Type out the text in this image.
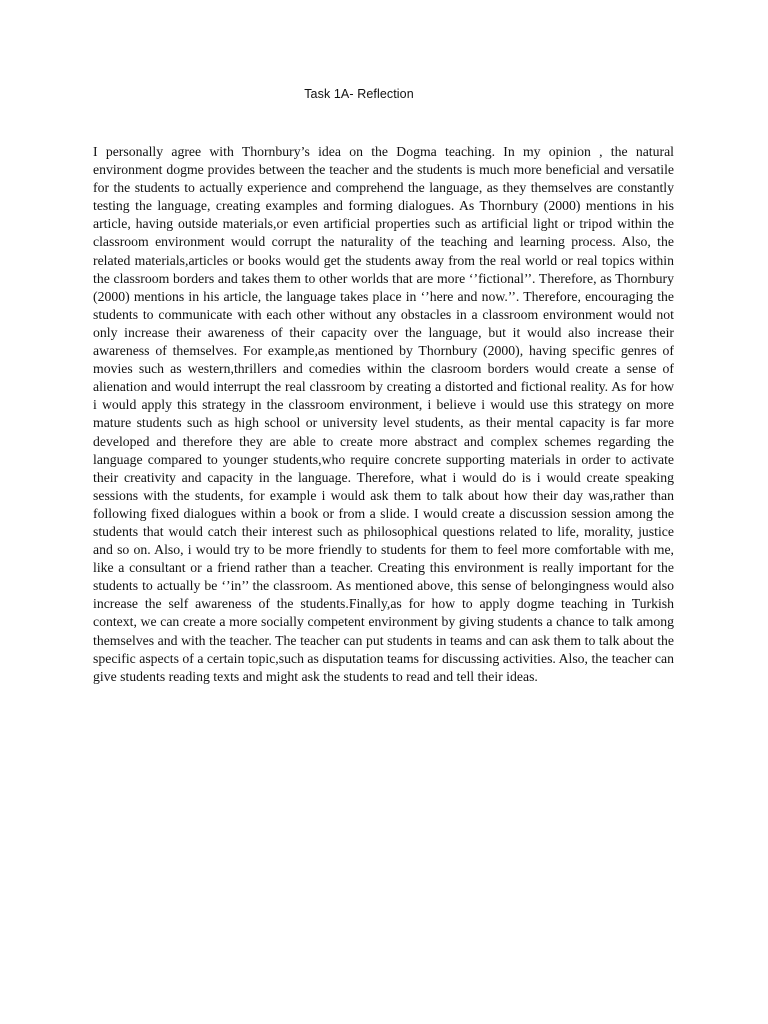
Task 1A- Reflection

I personally agree with Thornbury’s idea on the Dogma teaching. In my opinion , the natural environment dogme provides between the teacher and the students is much more beneficial and versatile for the students to actually experience and comprehend the language, as they themselves are constantly testing the language, creating examples and forming dialogues. As Thornbury (2000) mentions in his article, having outside materials,or even artificial properties such as artificial light or tripod within the classroom environment would corrupt the naturality of the teaching and learning process. Also, the related materials,articles or books would get the students away from the real world or real topics within the classroom borders and takes them to other worlds that are more ‘’fictional’’. Therefore, as Thornbury (2000) mentions in his article, the language takes place in ‘’here and now.’’. Therefore, encouraging the students to communicate with each other without any obstacles in a classroom environment would not only increase their awareness of their capacity over the language, but it would also increase their awareness of themselves. For example,as mentioned by Thornbury (2000), having specific genres of movies such as western,thrillers and comedies within the clasroom borders would create a sense of alienation and would interrupt the real classroom by creating a distorted and fictional reality. As for how i would apply this strategy in the classroom environment, i believe i would use this strategy on more mature students such as high school or university level students, as their mental capacity is far more developed and therefore they are able to create more abstract and complex schemes regarding the language compared to younger students,who require concrete supporting materials in order to activate their creativity and capacity in the language. Therefore, what i would do is i would create speaking sessions with the students, for example i would ask them to talk about how their day was,rather than following fixed dialogues within a book or from a slide. I would create a discussion session among the students that would catch their interest such as philosophical questions related to life, morality, justice and so on. Also, i would try to be more friendly to students for them to feel more comfortable with me, like a consultant or a friend rather than a teacher. Creating this environment is really important for the students to actually be ‘’in’’ the classroom. As mentioned above, this sense of belongingness would also increase the self awareness of the students.Finally,as for how to apply dogme teaching in Turkish context, we can create a more socially competent environment by giving students a chance to talk among themselves and with the teacher. The teacher can put students in teams and can ask them to talk about the specific aspects of a certain topic,such as disputation teams for discussing activities. Also, the teacher can give students reading texts and might ask the students to read and tell their ideas.
